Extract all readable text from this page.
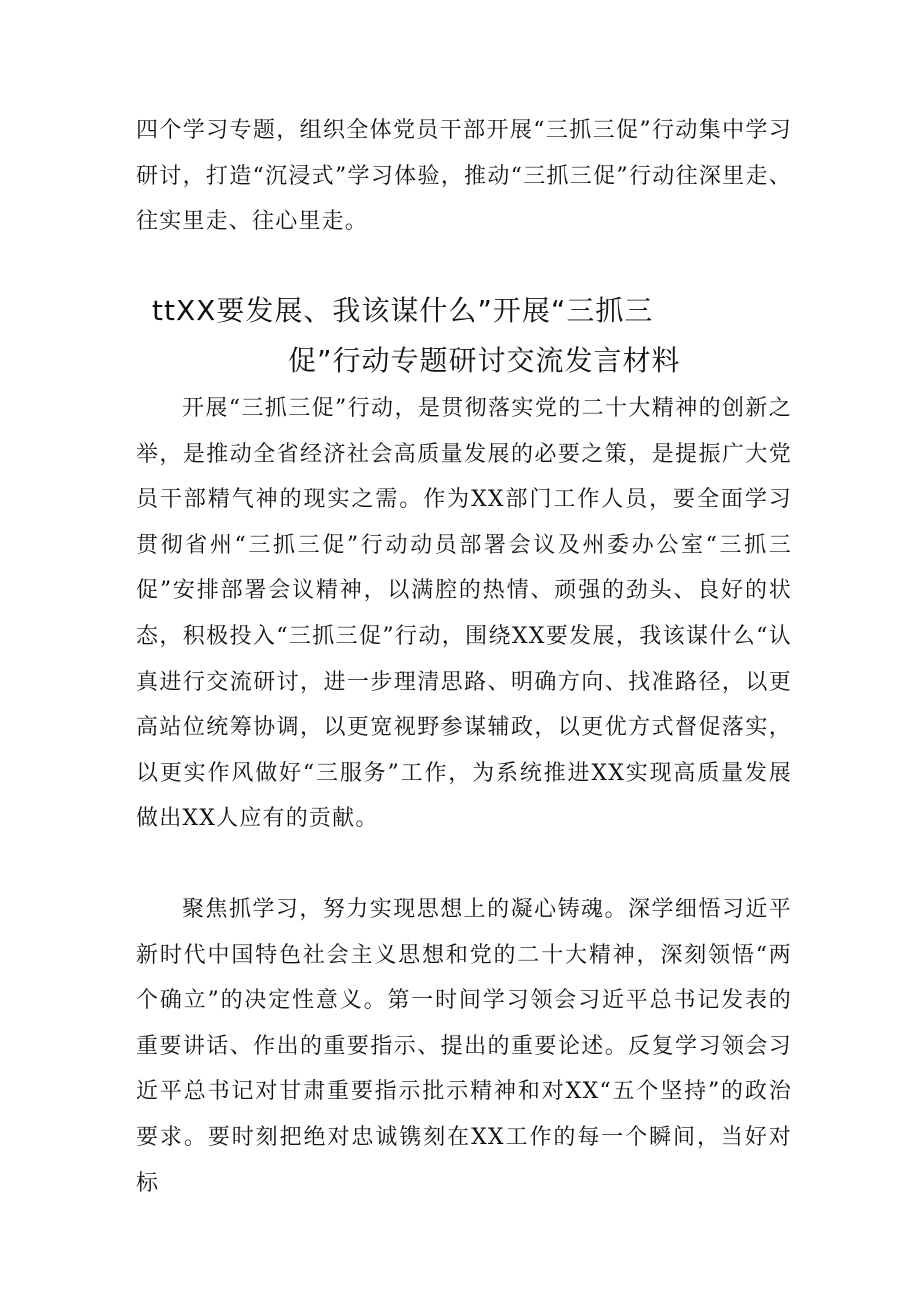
四个学习专题，组织全体党员干部开展“三抓三促”行动集中学习研讨，打造“沉浸式”学习体验，推动“三抓三促”行动往深里走、往实里走、往心里走。

ttXX要发展、我该谋什么”开展“三抓三
促”行动专题研讨交流发言材料

开展“三抓三促”行动，是贯彻落实党的二十大精神的创新之举，是推动全省经济社会高质量发展的必要之策，是提振广大党员干部精气神的现实之需。作为XX部门工作人员，要全面学习贯彻省州“三抓三促”行动动员部署会议及州委办公室“三抓三促”安排部署会议精神，以满腔的热情、顽强的劲头、良好的状态，积极投入“三抓三促”行动，围绕XX要发展，我该谋什么“认真进行交流研讨，进一步理清思路、明确方向、找准路径，以更高站位统筹协调，以更宽视野参谋辅政，以更优方式督促落实，以更实作风做好“三服务”工作，为系统推进XX实现高质量发展做出XX人应有的贡献。

聚焦抓学习，努力实现思想上的凝心铸魂。深学细悟习近平新时代中国特色社会主义思想和党的二十大精神，深刻领悟“两个确立”的决定性意义。第一时间学习领会习近平总书记发表的重要讲话、作出的重要指示、提出的重要论述。反复学习领会习近平总书记对甘肃重要指示批示精神和对XX“五个坚持”的政治要求。要时刻把绝对忠诚镌刻在XX工作的每一个瞬间，当好对标
